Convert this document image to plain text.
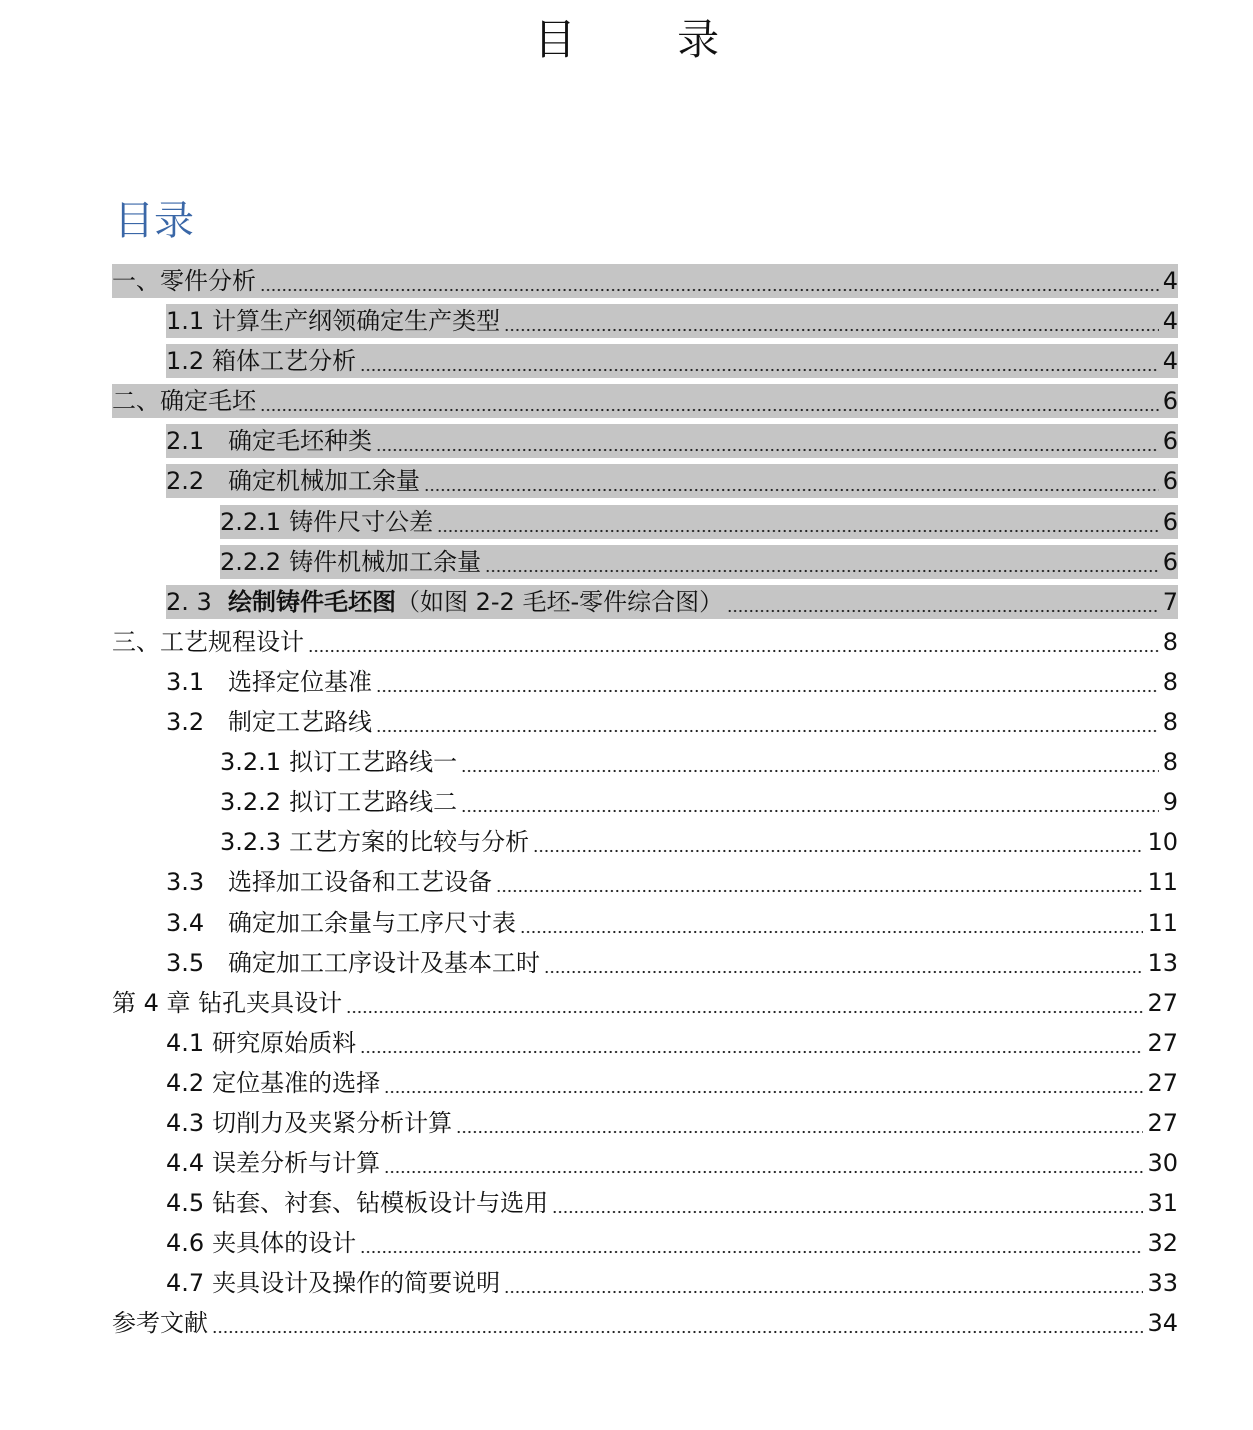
目 录
目录
一、零件分析	4
1.1 计算生产纲领确定生产类型	4
1.2 箱体工艺分析	4
二、确定毛坯	6
2.1 确定毛坯种类	6
2.2 确定机械加工余量	6
2.2.1 铸件尺寸公差	6
2.2.2 铸件机械加工余量	6
2. 3 绘制铸件毛坯图 （如图 2-2 毛坯-零件综合图）	7
三、工艺规程设计	8
3.1 选择定位基准	8
3.2 制定工艺路线	8
3.2.1 拟订工艺路线一	8
3.2.2 拟订工艺路线二	9
3.2.3 工艺方案的比较与分析	10
3.3 选择加工设备和工艺设备	11
3.4 确定加工余量与工序尺寸表	11
3.5 确定加工工序设计及基本工时	13
第 4 章 钻孔夹具设计	27
4.1 研究原始质料	27
4.2 定位基准的选择	27
4.3 切削力及夹紧分析计算	27
4.4 误差分析与计算	30
4.5 钻套、衬套、钻模板设计与选用	31
4.6 夹具体的设计	32
4.7 夹具设计及操作的简要说明	33
参考文献	34
